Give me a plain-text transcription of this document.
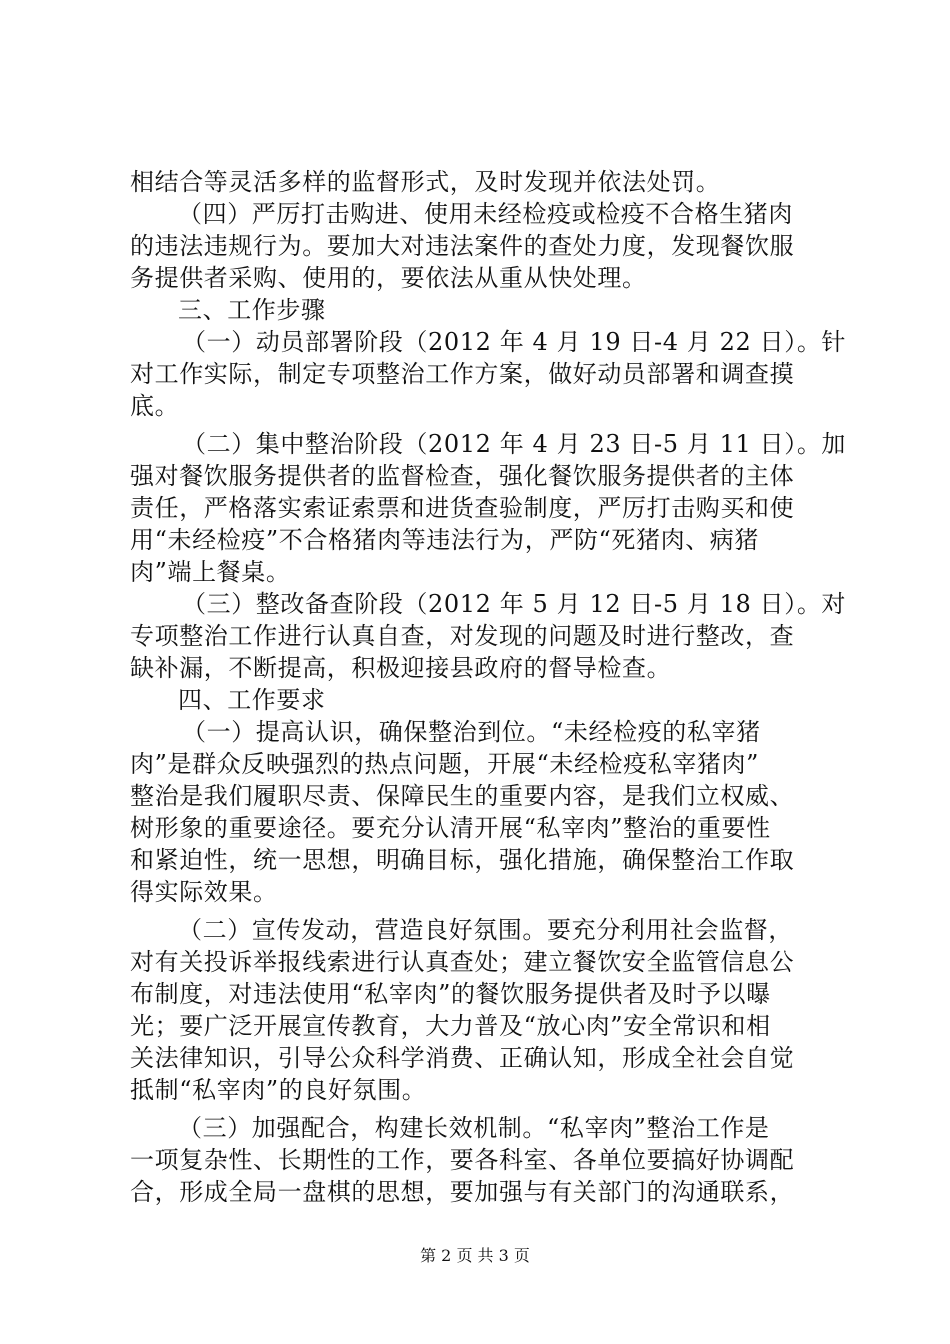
相结合等灵活多样的监督形式，及时发现并依法处罚。
（四）严厉打击购进、使用未经检疫或检疫不合格生猪肉
的违法违规行为。要加大对违法案件的查处力度，发现餐饮服
务提供者采购、使用的，要依法从重从快处理。
三、工作步骤
（一）动员部署阶段（2012 年 4 月 19 日-4 月 22 日）。针
对工作实际，制定专项整治工作方案，做好动员部署和调查摸
底。
（二）集中整治阶段（2012 年 4 月 23 日-5 月 11 日）。加
强对餐饮服务提供者的监督检查，强化餐饮服务提供者的主体
责任，严格落实索证索票和进货查验制度，严厉打击购买和使
用“未经检疫”不合格猪肉等违法行为，严防“死猪肉、病猪
肉”端上餐桌。
（三）整改备查阶段（2012 年 5 月 12 日-5 月 18 日）。对
专项整治工作进行认真自查，对发现的问题及时进行整改，查
缺补漏，不断提高，积极迎接县政府的督导检查。
四、工作要求
（一）提高认识，确保整治到位。“未经检疫的私宰猪
肉”是群众反映强烈的热点问题，开展“未经检疫私宰猪肉”
整治是我们履职尽责、保障民生的重要内容，是我们立权威、
树形象的重要途径。要充分认清开展“私宰肉”整治的重要性
和紧迫性，统一思想，明确目标，强化措施，确保整治工作取
得实际效果。
（二）宣传发动，营造良好氛围。要充分利用社会监督，
对有关投诉举报线索进行认真查处；建立餐饮安全监管信息公
布制度，对违法使用“私宰肉”的餐饮服务提供者及时予以曝
光；要广泛开展宣传教育，大力普及“放心肉”安全常识和相
关法律知识，引导公众科学消费、正确认知，形成全社会自觉
抵制“私宰肉”的良好氛围。
（三）加强配合，构建长效机制。“私宰肉”整治工作是
一项复杂性、长期性的工作，要各科室、各单位要搞好协调配
合，形成全局一盘棋的思想，要加强与有关部门的沟通联系，
第 2 页 共 3 页
